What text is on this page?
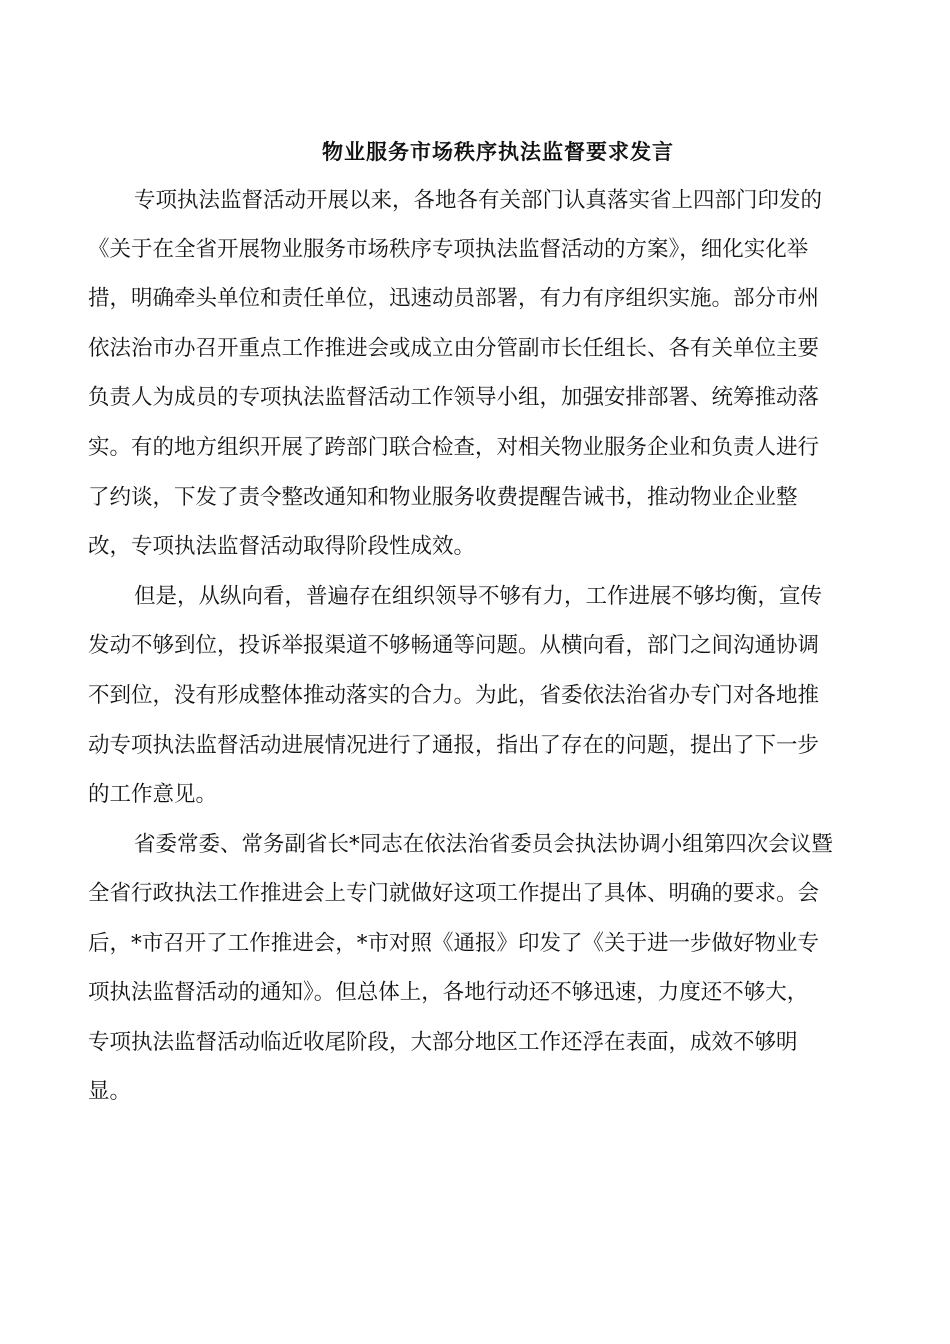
物业服务市场秩序执法监督要求发言
专项执法监督活动开展以来，各地各有关部门认真落实省上四部门印发的
《关于在全省开展物业服务市场秩序专项执法监督活动的方案》，细化实化举
措，明确牵头单位和责任单位，迅速动员部署，有力有序组织实施。部分市州
依法治市办召开重点工作推进会或成立由分管副市长任组长、各有关单位主要
负责人为成员的专项执法监督活动工作领导小组，加强安排部署、统筹推动落
实。有的地方组织开展了跨部门联合检查，对相关物业服务企业和负责人进行
了约谈，下发了责令整改通知和物业服务收费提醒告诫书，推动物业企业整
改，专项执法监督活动取得阶段性成效。
但是，从纵向看，普遍存在组织领导不够有力，工作进展不够均衡，宣传
发动不够到位，投诉举报渠道不够畅通等问题。从横向看，部门之间沟通协调
不到位，没有形成整体推动落实的合力。为此，省委依法治省办专门对各地推
动专项执法监督活动进展情况进行了通报，指出了存在的问题，提出了下一步
的工作意见。
省委常委、常务副省长*同志在依法治省委员会执法协调小组第四次会议暨
全省行政执法工作推进会上专门就做好这项工作提出了具体、明确的要求。会
后，*市召开了工作推进会，*市对照《通报》印发了《关于进一步做好物业专
项执法监督活动的通知》。但总体上，各地行动还不够迅速，力度还不够大，
专项执法监督活动临近收尾阶段，大部分地区工作还浮在表面，成效不够明
显。
